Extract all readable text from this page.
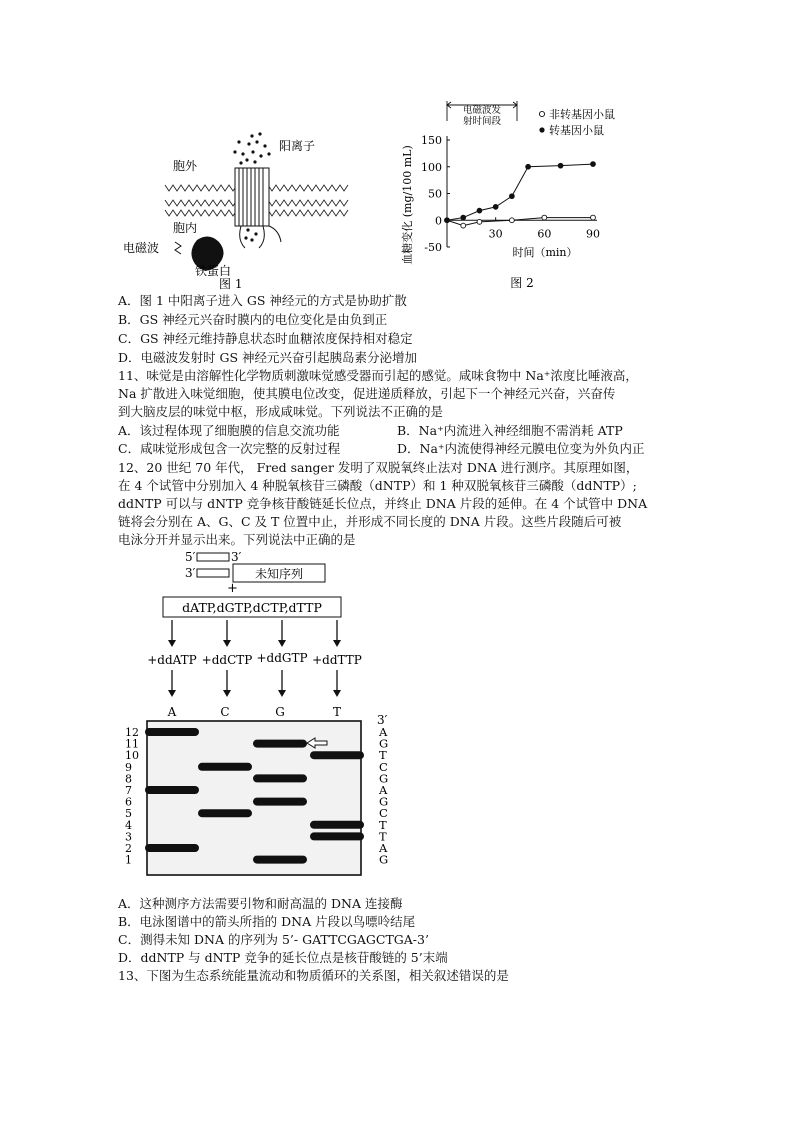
阳离子
胞外
胞内
电磁波
铁蛋白
图 1
血糖变化 (mg/100 mL) -50
0
50
100
150
30	60	90
电磁波发
射时间段
非转基因小鼠
转基因小鼠
时间（min）
图 2
A．图 1 中阳离子进入 GS 神经元的方式是协助扩散
B．GS 神经元兴奋时膜内的电位变化是由负到正
C．GS 神经元维持静息状态时血糖浓度保持相对稳定
D．电磁波发射时 GS 神经元兴奋引起胰岛素分泌增加
11、味觉是由溶解性化学物质刺激味觉感受器而引起的感觉。咸味食物中 Na⁺浓度比唾液高，
Na 扩散进入味觉细胞，使其膜电位改变，促进递质释放，引起下一个神经元兴奋，兴奋传
到大脑皮层的味觉中枢，形成咸味觉。下列说法不正确的是
A．该过程体现了细胞膜的信息交流功能	B．Na⁺内流进入神经细胞不需消耗 ATP
C．咸味觉形成包含一次完整的反射过程	D．Na⁺内流使得神经元膜电位变为外负内正
12、20 世纪 70 年代， Fred sanger 发明了双脱氧终止法对 DNA 进行测序。其原理如图，
在 4 个试管中分别加入 4 种脱氧核苷三磷酸（dNTP）和 1 种双脱氧核苷三磷酸（ddNTP）;
ddNTP 可以与 dNTP 竞争核苷酸链延长位点，并终止 DNA 片段的延伸。在 4 个试管中 DNA
链将会分别在 A、G、C 及 T 位置中止，并形成不同长度的 DNA 片段。这些片段随后可被
电泳分开并显示出来。下列说法中正确的是
5′	3′
3′	未知序列
+
dATP,dGTP,dCTP,dTTP
+ddATP +ddCTP +ddGTP +ddTTP
A	C	G	T
12
11
10
9
8
7
6
5
4
3
2
1
3′
A
G
T
C
G
A
G
C
T
T
A
G
A．这种测序方法需要引物和耐高温的 DNA 连接酶
B．电泳图谱中的箭头所指的 DNA 片段以鸟嘌呤结尾
C．测得未知 DNA 的序列为 5’- GATTCGAGCTGA-3’
D．ddNTP 与 dNTP 竞争的延长位点是核苷酸链的 5’末端
13、下图为生态系统能量流动和物质循环的关系图，相关叙述错误的是
